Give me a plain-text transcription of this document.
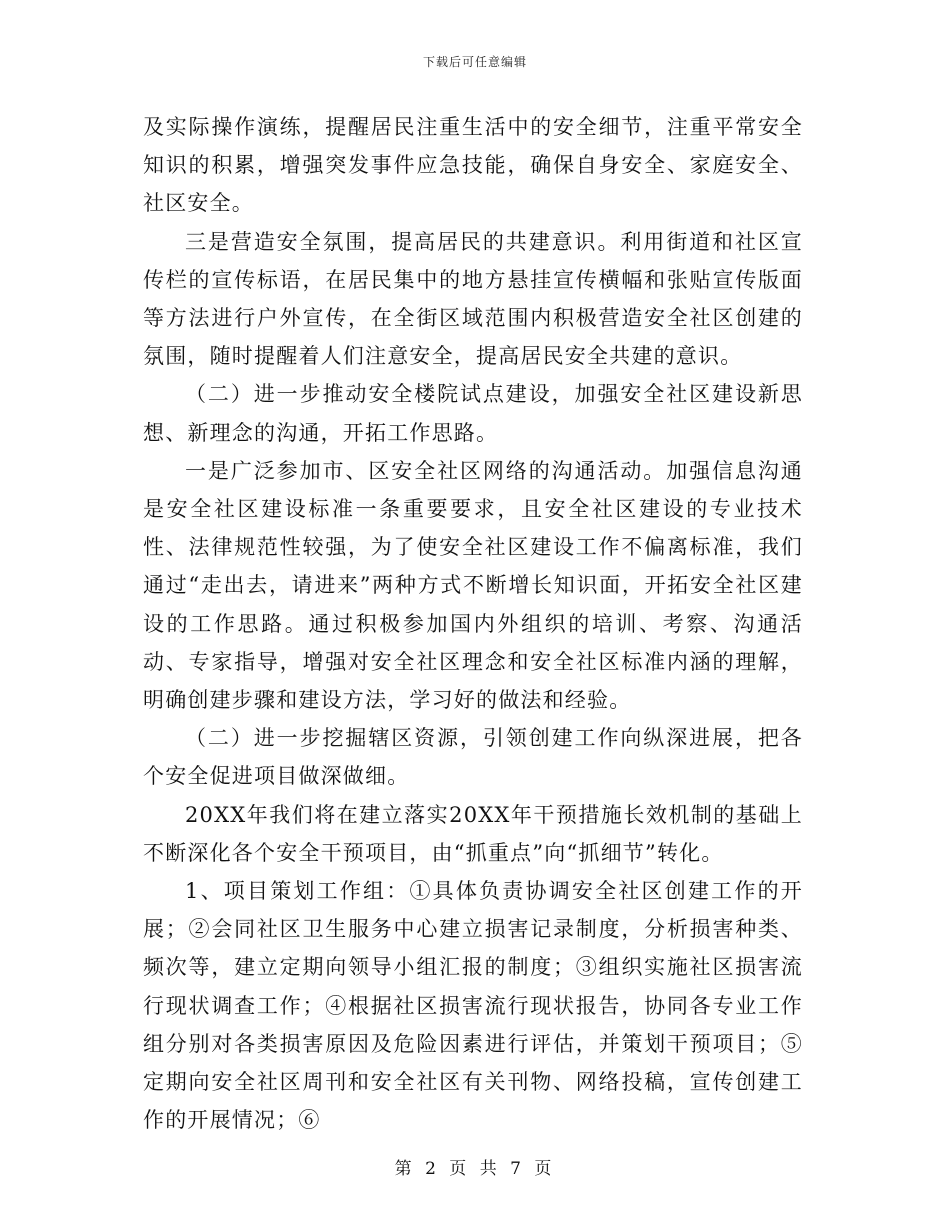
下载后可任意编辑

及实际操作演练，提醒居民注重生活中的安全细节，注重平常安全知识的积累，增强突发事件应急技能，确保自身安全、家庭安全、社区安全。

三是营造安全氛围，提高居民的共建意识。利用街道和社区宣传栏的宣传标语，在居民集中的地方悬挂宣传横幅和张贴宣传版面等方法进行户外宣传，在全街区域范围内积极营造安全社区创建的氛围，随时提醒着人们注意安全，提高居民安全共建的意识。

（二）进一步推动安全楼院试点建设，加强安全社区建设新思想、新理念的沟通，开拓工作思路。

一是广泛参加市、区安全社区网络的沟通活动。加强信息沟通是安全社区建设标准一条重要要求，且安全社区建设的专业技术性、法律规范性较强，为了使安全社区建设工作不偏离标准，我们通过“走出去，请进来”两种方式不断增长知识面，开拓安全社区建设的工作思路。通过积极参加国内外组织的培训、考察、沟通活动、专家指导，增强对安全社区理念和安全社区标准内涵的理解，明确创建步骤和建设方法，学习好的做法和经验。

（二）进一步挖掘辖区资源，引领创建工作向纵深进展，把各个安全促进项目做深做细。

20XX年我们将在建立落实20XX年干预措施长效机制的基础上不断深化各个安全干预项目，由“抓重点”向“抓细节”转化。

1、项目策划工作组：①具体负责协调安全社区创建工作的开展；②会同社区卫生服务中心建立损害记录制度，分析损害种类、频次等，建立定期向领导小组汇报的制度；③组织实施社区损害流行现状调查工作；④根据社区损害流行现状报告，协同各专业工作组分别对各类损害原因及危险因素进行评估，并策划干预项目；⑤定期向安全社区周刊和安全社区有关刊物、网络投稿，宣传创建工作的开展情况；⑥

第 2 页 共 7 页
